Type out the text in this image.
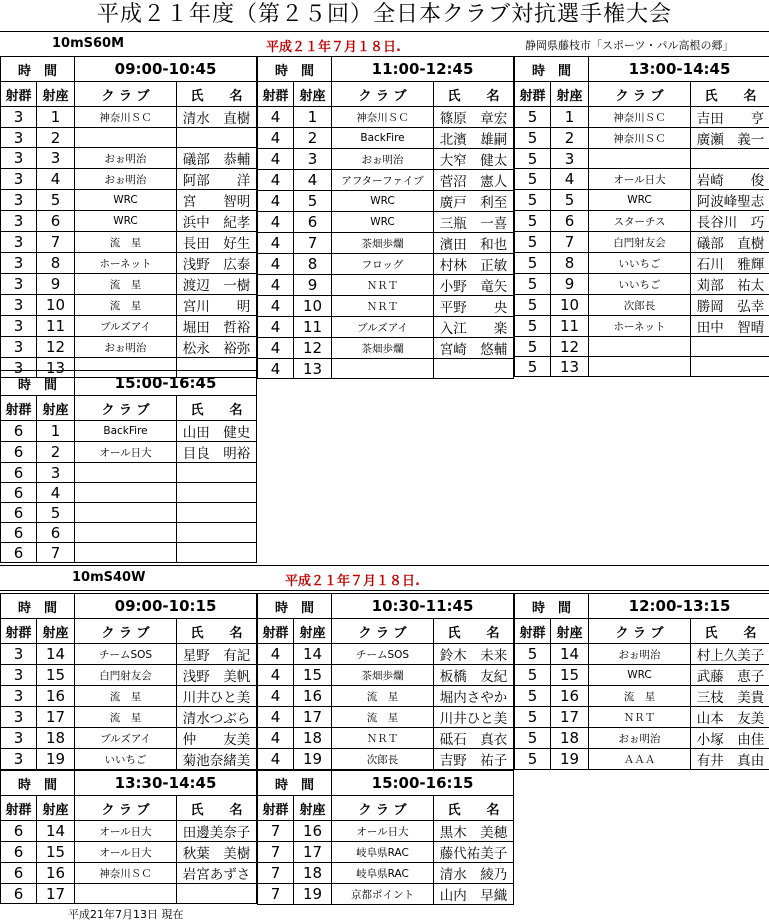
平成２１年度（第２５回）全日本クラブ対抗選手権大会
10mS60M	平成２１年７月１８日.	静岡県藤枝市「スポーツ・パル高根の郷」
10mS40W	平成２１年７月１８日.
時　間		09:00-10:45	
射群	射座	ク ラ ブ	氏　　名
3	1	神奈川ＳＣ	清水　直樹
3	2		
3	3	おぉ明治	礒部　恭輔
3	4	おぉ明治	阿部　　洋
3	5	WRC	宮　　智明
3	6	WRC	浜中　紀孝
3	7	流　星	長田　好生
3	8	ホーネット	浅野　広泰
3	9	流　星	渡辺　一樹
3	10	流　星	宮川　　明
3	11	ブルズアイ	堀田　哲裕
3	12	おぉ明治	松永　裕弥
3	13		
時　間		11:00-12:45	
射群	射座	ク ラ ブ	氏　　名
4	1	神奈川ＳＣ	篠原　章宏
4	2	BackFire	北濱　雄嗣
4	3	おぉ明治	大窄　健太
4	4	アフターファイブ	菅沼　憲人
4	5	WRC	廣戸　利至
4	6	WRC	三瓶　一喜
4	7	茶畑歩爛	濱田　和也
4	8	フロッグ	村林　正敏
4	9	ＮＲＴ	小野　竜矢
4	10	ＮＲＴ	平野　　央
4	11	ブルズアイ	入江　　楽
4	12	茶畑歩爛	宮崎　悠輔
4	13		
時　間		13:00-14:45	
射群	射座	ク ラ ブ	氏　　名
5	1	神奈川ＳＣ	吉田　　亨
5	2	神奈川ＳＣ	廣瀬　義一
5	3		
5	4	オール日大	岩崎　　俊
5	5	WRC	阿波峰聖志
5	6	スターチス	長谷川　巧
5	7	白門射友会	礒部　直樹
5	8	いいちご	石川　雅輝
5	9	いいちご	苅部　祐太
5	10	次郎長	勝岡　弘幸
5	11	ホーネット	田中　智晴
5	12		
5	13		
時　間		15:00-16:45	
射群	射座	ク ラ ブ	氏　　名
6	1	BackFire	山田　健史
6	2	オール日大	目良　明裕
6	3		
6	4		
6	5		
6	6		
6	7		
時　間		09:00-10:15	
射群	射座	ク ラ ブ	氏　　名
3	14	チームSOS	星野　有記
3	15	白門射友会	浅野　美帆
3	16	流　星	川井ひと美
3	17	流　星	清水つぶら
3	18	ブルズアイ	仲　　友美
3	19	いいちご	菊池奈緒美
時　間		10:30-11:45	
射群	射座	ク ラ ブ	氏　　名
4	14	チームSOS	鈴木　未来
4	15	茶畑歩爛	板橋　友紀
4	16	流　星	堀内さやか
4	17	流　星	川井ひと美
4	18	ＮＲＴ	砥石　真衣
4	19	次郎長	吉野　祐子
時　間		12:00-13:15	
射群	射座	ク ラ ブ	氏　　名
5	14	おぉ明治	村上久美子
5	15	WRC	武藤　恵子
5	16	流　星	三枝　美貴
5	17	ＮＲＴ	山本　友美
5	18	おぉ明治	小塚　由佳
5	19	ＡＡＡ	有井　真由
時　間		13:30-14:45	
射群	射座	ク ラ ブ	氏　　名
6	14	オール日大	田邊美奈子
6	15	オール日大	秋葉　美樹
6	16	神奈川ＳＣ	岩宮あずさ
6	17		
時　間		15:00-16:15	
射群	射座	ク ラ ブ	氏　　名
7	16	オール日大	黒木　美穂
7	17	岐阜県RAC	藤代祐美子
7	18	岐阜県RAC	清水　綾乃
7	19	京都ポイント	山内　早織
平成21年7月13日 現在
